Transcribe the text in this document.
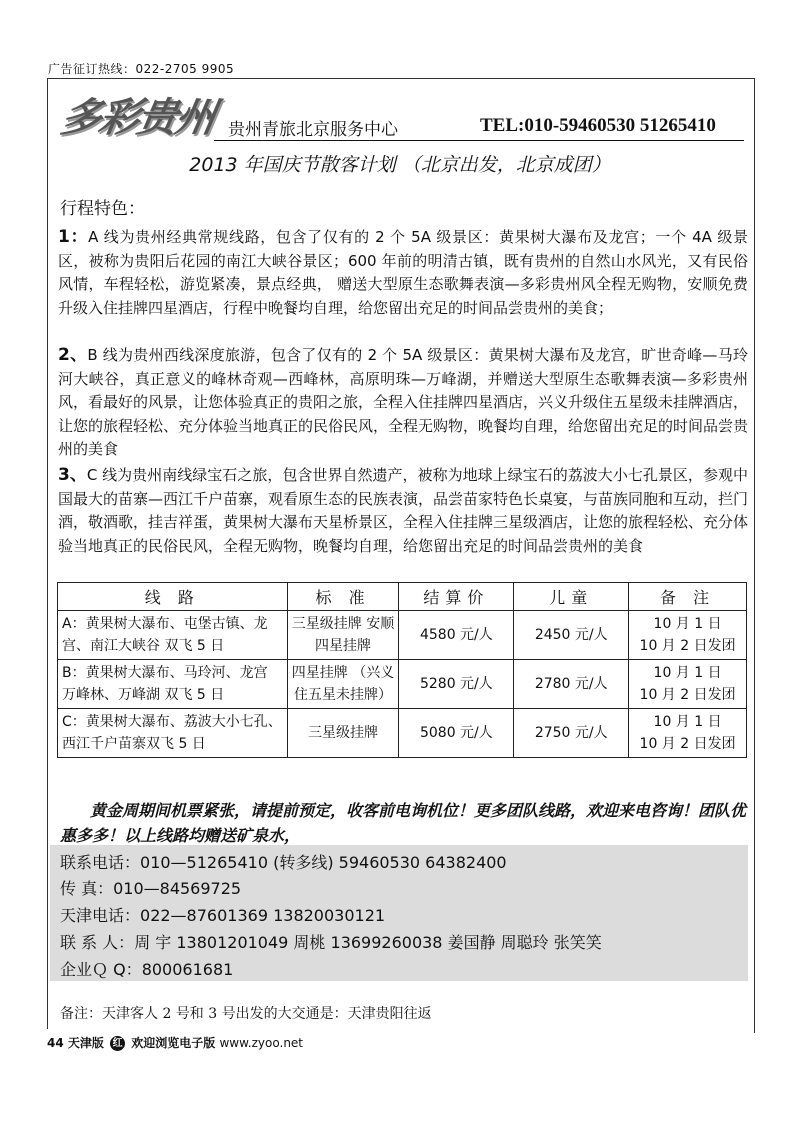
广告征订热线：022-2705 9905
多彩贵州 贵州青旅北京服务中心	TEL:010-59460530 51265410
2013 年国庆节散客计划 （北京出发，北京成团）
行程特色：
1：A 线为贵州经典常规线路，包含了仅有的 2 个 5A 级景区：黄果树大瀑布及龙宫；一个 4A 级景区，被称为贵阳后花园的南江大峡谷景区；600 年前的明清古镇，既有贵州的自然山水风光，又有民俗风情，车程轻松，游览紧凑，景点经典， 赠送大型原生态歌舞表演—多彩贵州风全程无购物，安顺免费升级入住挂牌四星酒店，行程中晚餐均自理，给您留出充足的时间品尝贵州的美食；
2、B 线为贵州西线深度旅游，包含了仅有的 2 个 5A 级景区：黄果树大瀑布及龙宫，旷世奇峰—马玲河大峡谷，真正意义的峰林奇观—西峰林，高原明珠—万峰湖，并赠送大型原生态歌舞表演—多彩贵州风，看最好的风景，让您体验真正的贵阳之旅，全程入住挂牌四星酒店，兴义升级住五星级未挂牌酒店，让您的旅程轻松、充分体验当地真正的民俗民风，全程无购物，晚餐均自理，给您留出充足的时间品尝贵州的美食
3、C 线为贵州南线绿宝石之旅，包含世界自然遗产，被称为地球上绿宝石的荔波大小七孔景区，参观中国最大的苗寨—西江千户苗寨，观看原生态的民族表演，品尝苗家特色长桌宴，与苗族同胞和互动，拦门酒，敬酒歌，挂吉祥蛋，黄果树大瀑布天星桥景区，全程入住挂牌三星级酒店，让您的旅程轻松、充分体验当地真正的民俗民风，全程无购物，晚餐均自理，给您留出充足的时间品尝贵州的美食
线 路	标 准	结算价	儿童	备 注
A：黄果树大瀑布、屯堡古镇、龙宫、南江大峡谷 双飞 5 日	三星级挂牌 安顺四星挂牌	4580 元/人	2450 元/人	10 月 1 日
10 月 2 日发团

B：黄果树大瀑布、马玲河、龙宫 万峰林、万峰湖 双飞 5 日	四星挂牌 （兴义住五星未挂牌）	5280 元/人	2780 元/人	10 月 1 日
10 月 2 日发团

C：黄果树大瀑布、荔波大小七孔、西江千户苗寨双飞 5 日	三星级挂牌	5080 元/人	2750 元/人	10 月 1 日
10 月 2 日发团
黄金周期间机票紧张，请提前预定，收客前电询机位！更多团队线路，欢迎来电咨询！团队优惠多多！以上线路均赠送矿泉水，
联系电话：010—51265410 (转多线) 59460530 64382400
传 真：010—84569725
天津电话：022—87601369 13820030121
联 系 人：周 宇 13801201049 周桃 13699260038 姜国静 周聪玲 张笑笑
企业Ｑ Q：800061681
备注：天津客人 2 号和 3 号出发的大交通是：天津贵阳往返
44 天津版 红 欢迎浏览电子版 www.zyoo.net
